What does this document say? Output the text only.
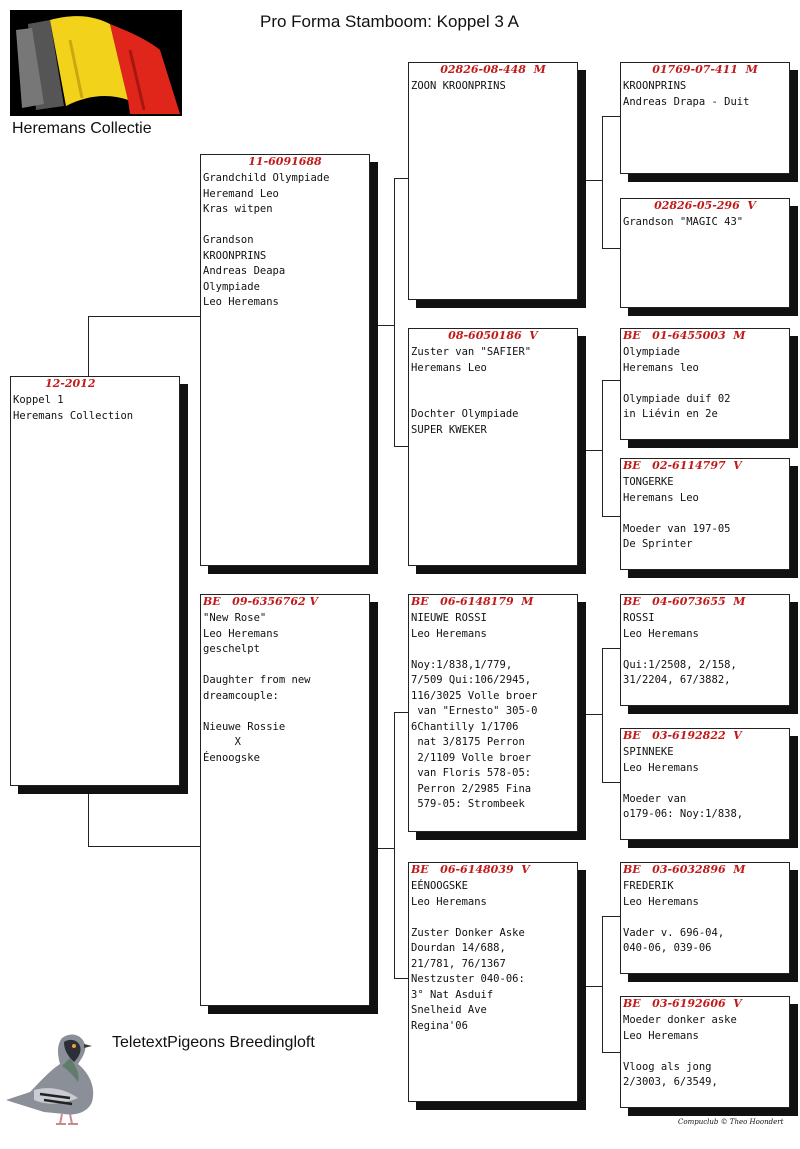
Pro Forma Stamboom: Koppel 3 A
Heremans Collectie
12-2012
Koppel 1
Heremans Collection
11-6091688
Grandchild Olympiade
Heremand Leo
Kras witpen
Grandson
KROONPRINS
Andreas Deapa
Olympiade
Leo Heremans
BE   09-6356762 V
"New Rose"
Leo Heremans
geschelpt
Daughter from new
dreamcouple:
Nieuwe Rossie
X
Éenoogske
02826-08-448  M
ZOON KROONPRINS
08-6050186  V
Zuster van "SAFIER"
Heremans Leo
Dochter Olympiade
SUPER KWEKER
BE   06-6148179  M
NIEUWE ROSSI
Leo Heremans
Noy:1/838,1/779,
7/509 Qui:106/2945,
116/3025 Volle broer
van "Ernesto" 305-0
6Chantilly 1/1706
nat 3/8175 Perron
2/1109 Volle broer
van Floris 578-05:
Perron 2/2985 Fina
579-05: Strombeek
BE   06-6148039  V
EÉNOOGSKE
Leo Heremans
Zuster Donker Aske
Dourdan 14/688,
21/781, 76/1367
Nestzuster 040-06:
3° Nat Asduif
Snelheid Ave
Regina'06
01769-07-411  M
KROONPRINS
Andreas Drapa - Duit
02826-05-296  V
Grandson "MAGIC 43"
BE   01-6455003  M
Olympiade
Heremans leo
Olympiade duif 02
in Liévin en 2e
BE   02-6114797  V
TONGERKE
Heremans Leo
Moeder van 197-05
De Sprinter
BE   04-6073655  M
ROSSI
Leo Heremans
Qui:1/2508, 2/158,
31/2204, 67/3882,
BE   03-6192822  V
SPINNEKE
Leo Heremans
Moeder van
o179-06: Noy:1/838,
BE   03-6032896  M
FREDERIK
Leo Heremans
Vader v. 696-04,
040-06, 039-06
BE   03-6192606  V
Moeder donker aske
Leo Heremans
Vloog als jong
2/3003, 6/3549,
TeletextPigeons Breedingloft
Compuclub © Theo Hoondert
